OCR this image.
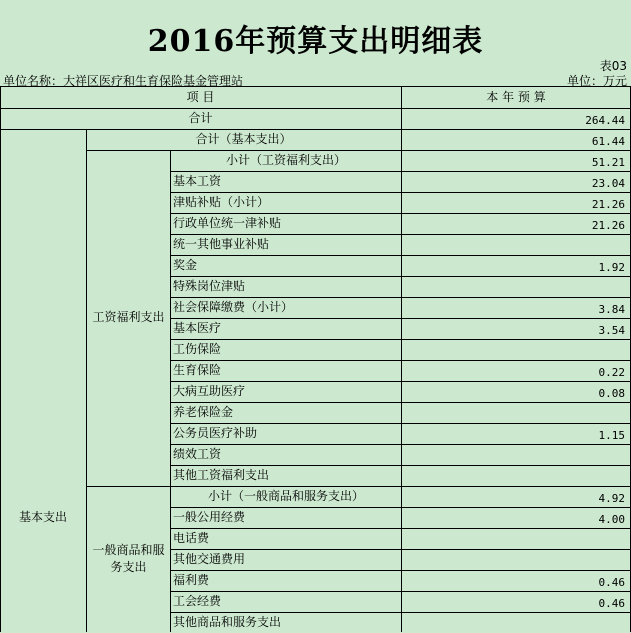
2016年预算支出明细表
表03
单位名称：大祥区医疗和生育保险基金管理站	单位：万元
项 目	本 年 预 算
合计	264.44
合计（基本支出）	61.44
基本支出
工资福利支出
小计（工资福利支出）	51.21
基本工资	23.04
津贴补贴（小计）	21.26
行政单位统一津补贴	21.26
统一其他事业补贴
奖金	1.92
特殊岗位津贴
社会保障缴费（小计）	3.84
基本医疗	3.54
工伤保险
生育保险	0.22
大病互助医疗	0.08
养老保险金
公务员医疗补助	1.15
绩效工资
其他工资福利支出
一般商品和服
务支出
小计（一般商品和服务支出）	4.92
一般公用经费	4.00
电话费
其他交通费用
福利费	0.46
工会经费	0.46
其他商品和服务支出
